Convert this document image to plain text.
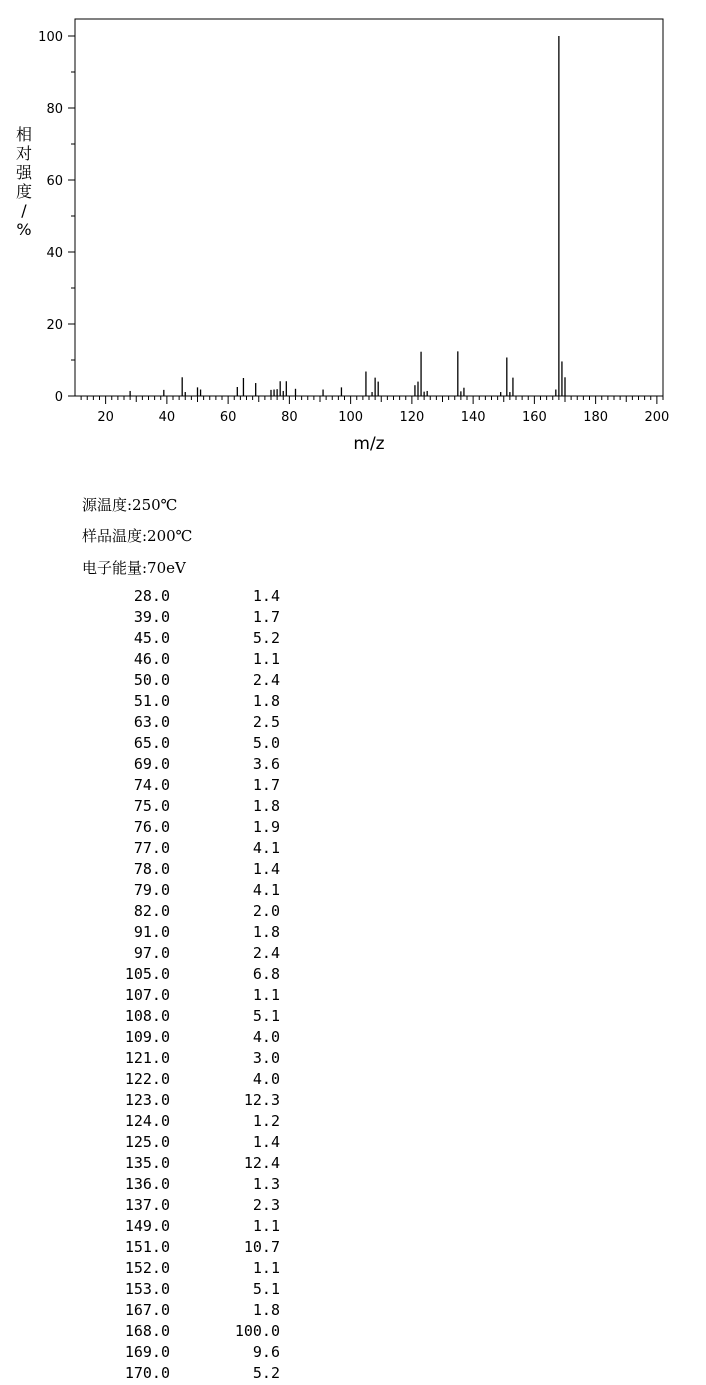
0
20
40
60
80
100
20	40	60	80	100	120	140	160	180	200
m/z
相对强度/ %
源温度:250℃
样品温度:200℃
电子能量:70eV
28.0	1.4
39.0	1.7
45.0	5.2
46.0	1.1
50.0	2.4
51.0	1.8
63.0	2.5
65.0	5.0
69.0	3.6
74.0	1.7
75.0	1.8
76.0	1.9
77.0	4.1
78.0	1.4
79.0	4.1
82.0	2.0
91.0	1.8
97.0	2.4
105.0	6.8
107.0	1.1
108.0	5.1
109.0	4.0
121.0	3.0
122.0	4.0
123.0	12.3
124.0	1.2
125.0	1.4
135.0	12.4
136.0	1.3
137.0	2.3
149.0	1.1
151.0	10.7
152.0	1.1
153.0	5.1
167.0	1.8
168.0	100.0
169.0	9.6
170.0	5.2
